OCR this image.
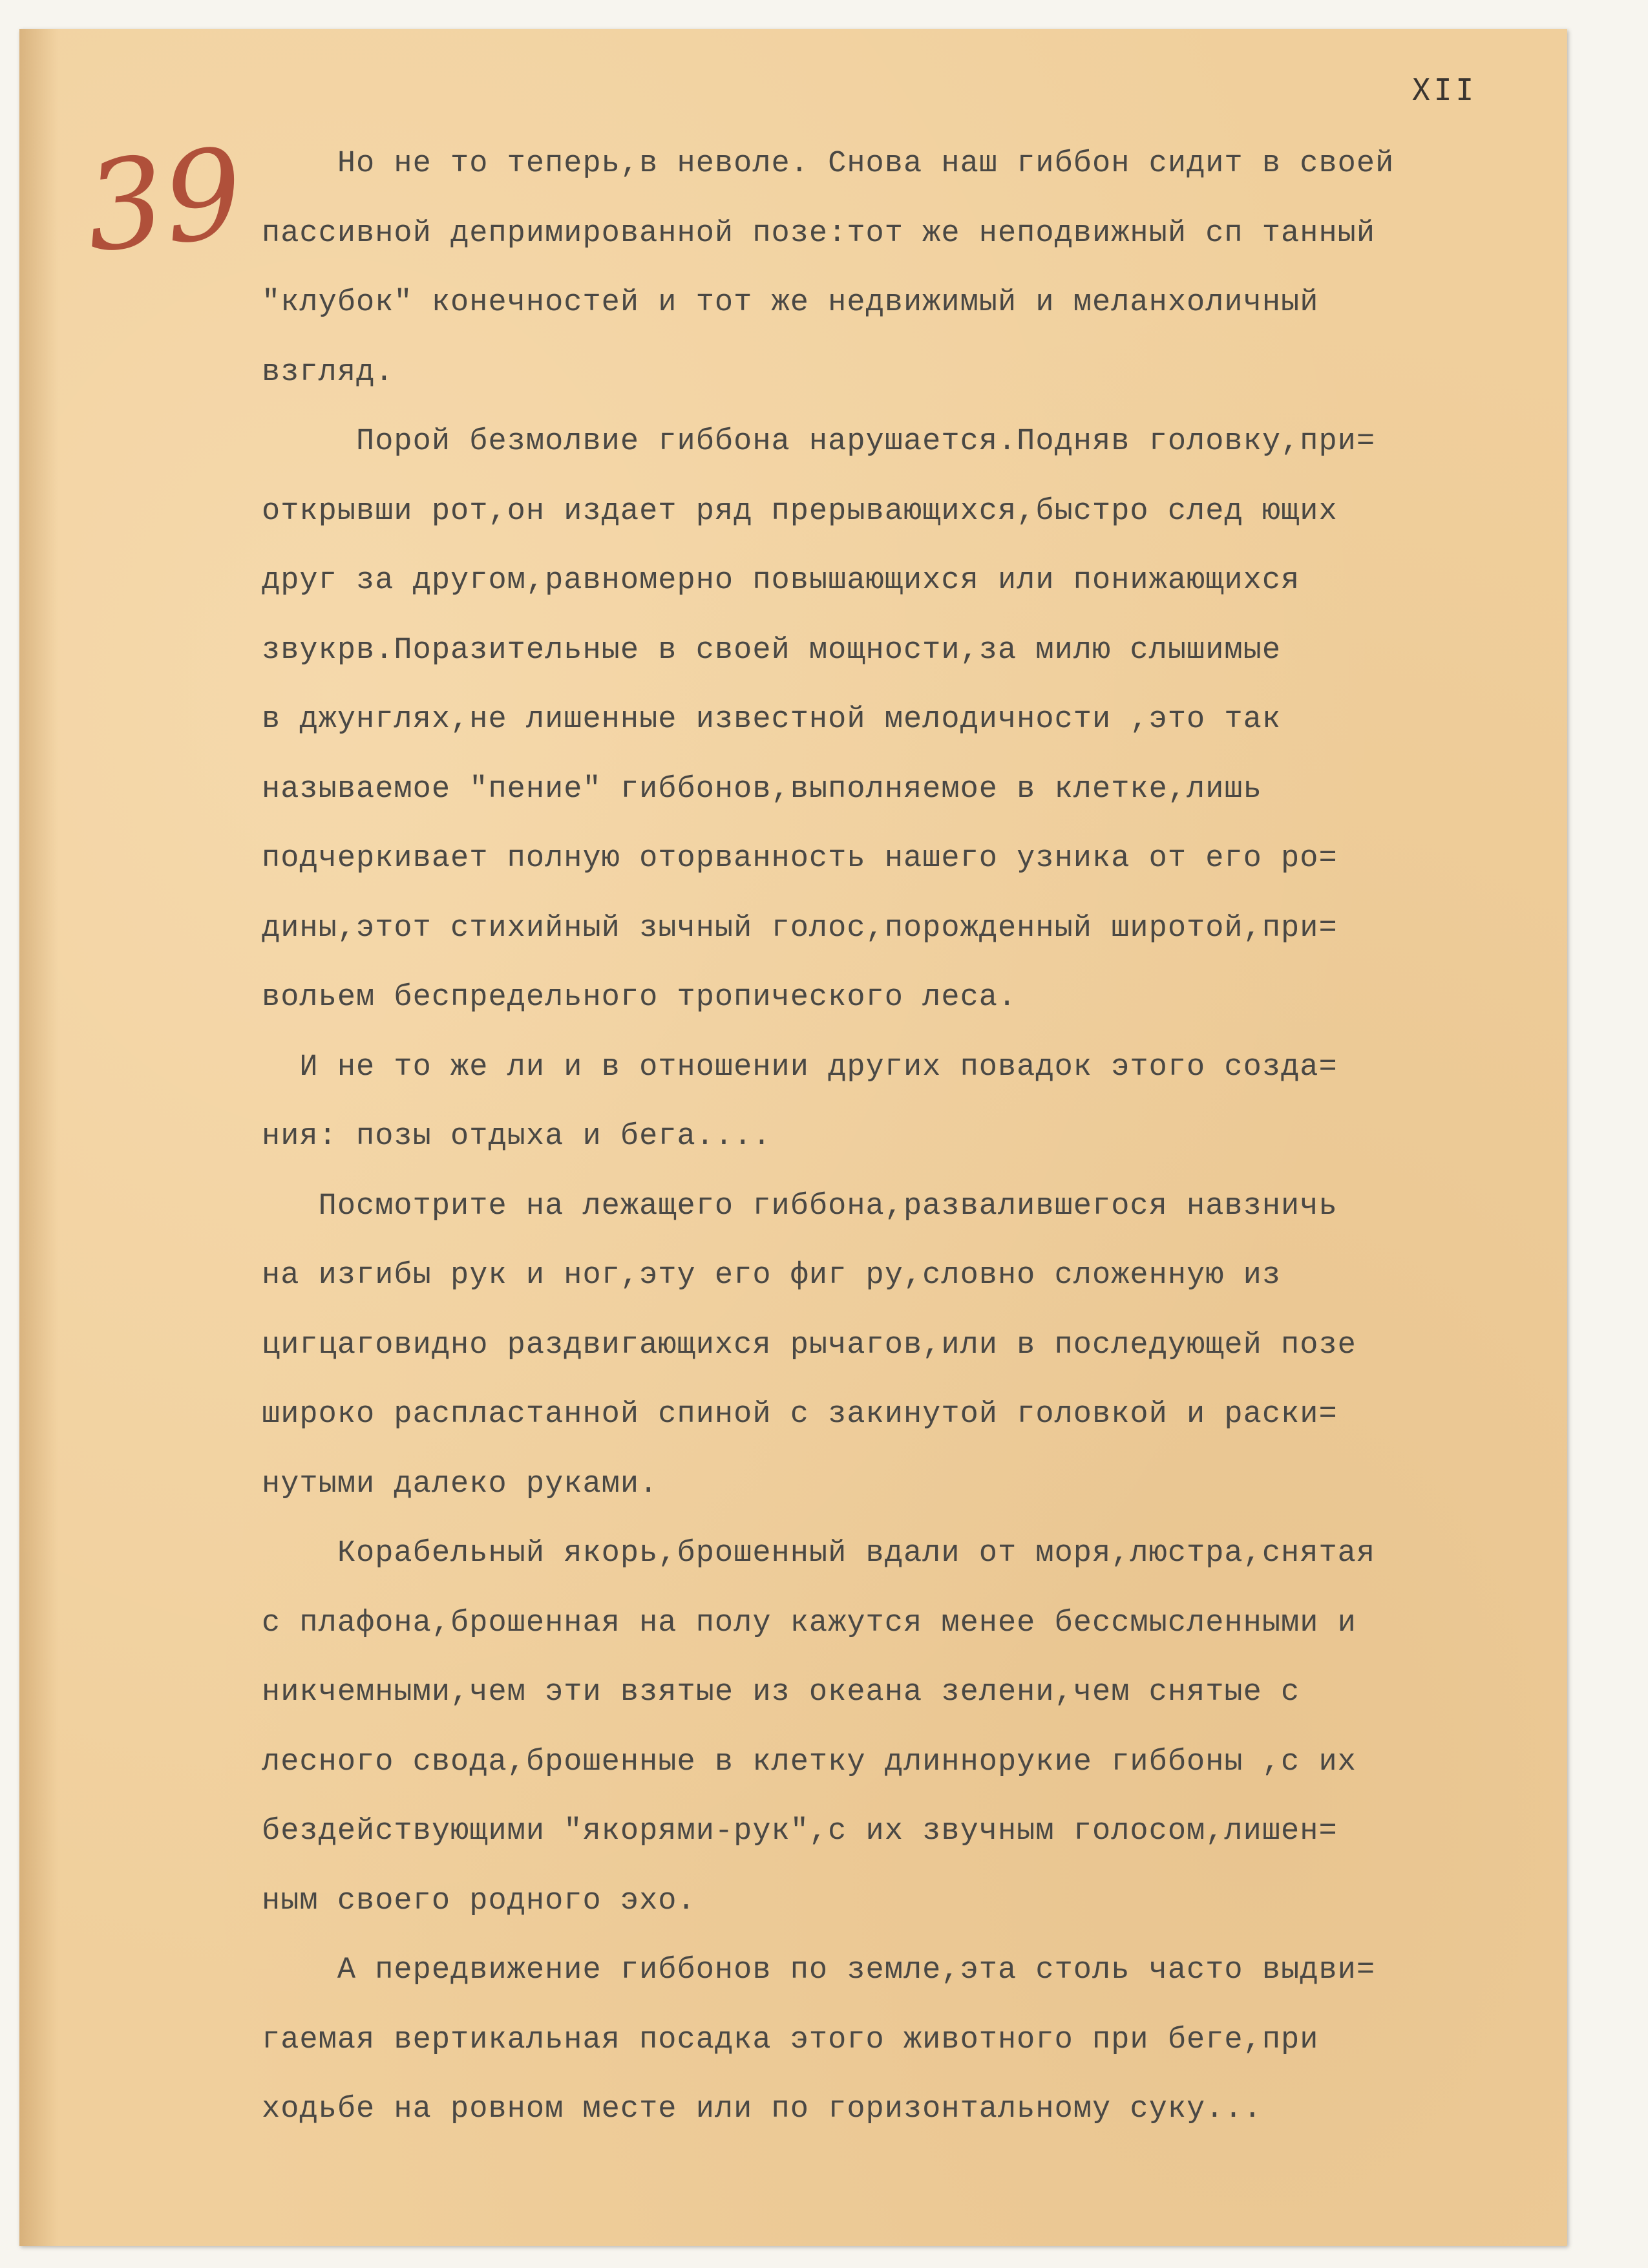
XII
39 Но не то теперь,в неволе. Снова наш гиббон сидит в своей
пассивной депримированной позе:тот же неподвижный сп танный
"клубок" конечностей и тот же недвижимый и меланхоличный
взгляд.
Порой безмолвие гиббона нарушается.Подняв головку,при=
открывши рот,он издает ряд прерывающихся,быстро след ющих
друг за другом,равномерно повышающихся или понижающихся
звукрв.Поразительные в своей мощности,за милю слышимые
в джунглях,не лишенные известной мелодичности ,это так
называемое "пение" гиббонов,выполняемое в клетке,лишь
подчеркивает полную оторванность нашего узника от его ро=
дины,этот стихийный зычный голос,порожденный широтой,при=
вольем беспредельного тропического леса.
И не то же ли и в отношении других повадок этого созда=
ния: позы отдыха и бега....
Посмотрите на лежащего гиббона,развалившегося навзничь
на изгибы рук и ног,эту его фиг ру,словно сложенную из
цигцаговидно раздвигающихся рычагов,или в последующей позе
широко распластанной спиной с закинутой головкой и раски=
нутыми далеко руками.
Корабельный якорь,брошенный вдали от моря,люстра,снятая
с плафона,брошенная на полу кажутся менее бессмысленными и
никчемными,чем эти взятые из океана зелени,чем снятые с
лесного свода,брошенные в клетку длиннорукие гиббоны ,с их
бездействующими "якорями-рук",с их звучным голосом,лишен=
ным своего родного эхо.
А передвижение гиббонов по земле,эта столь часто выдви=
гаемая вертикальная посадка этого животного при беге,при
ходьбе на ровном месте или по горизонтальному суку...
